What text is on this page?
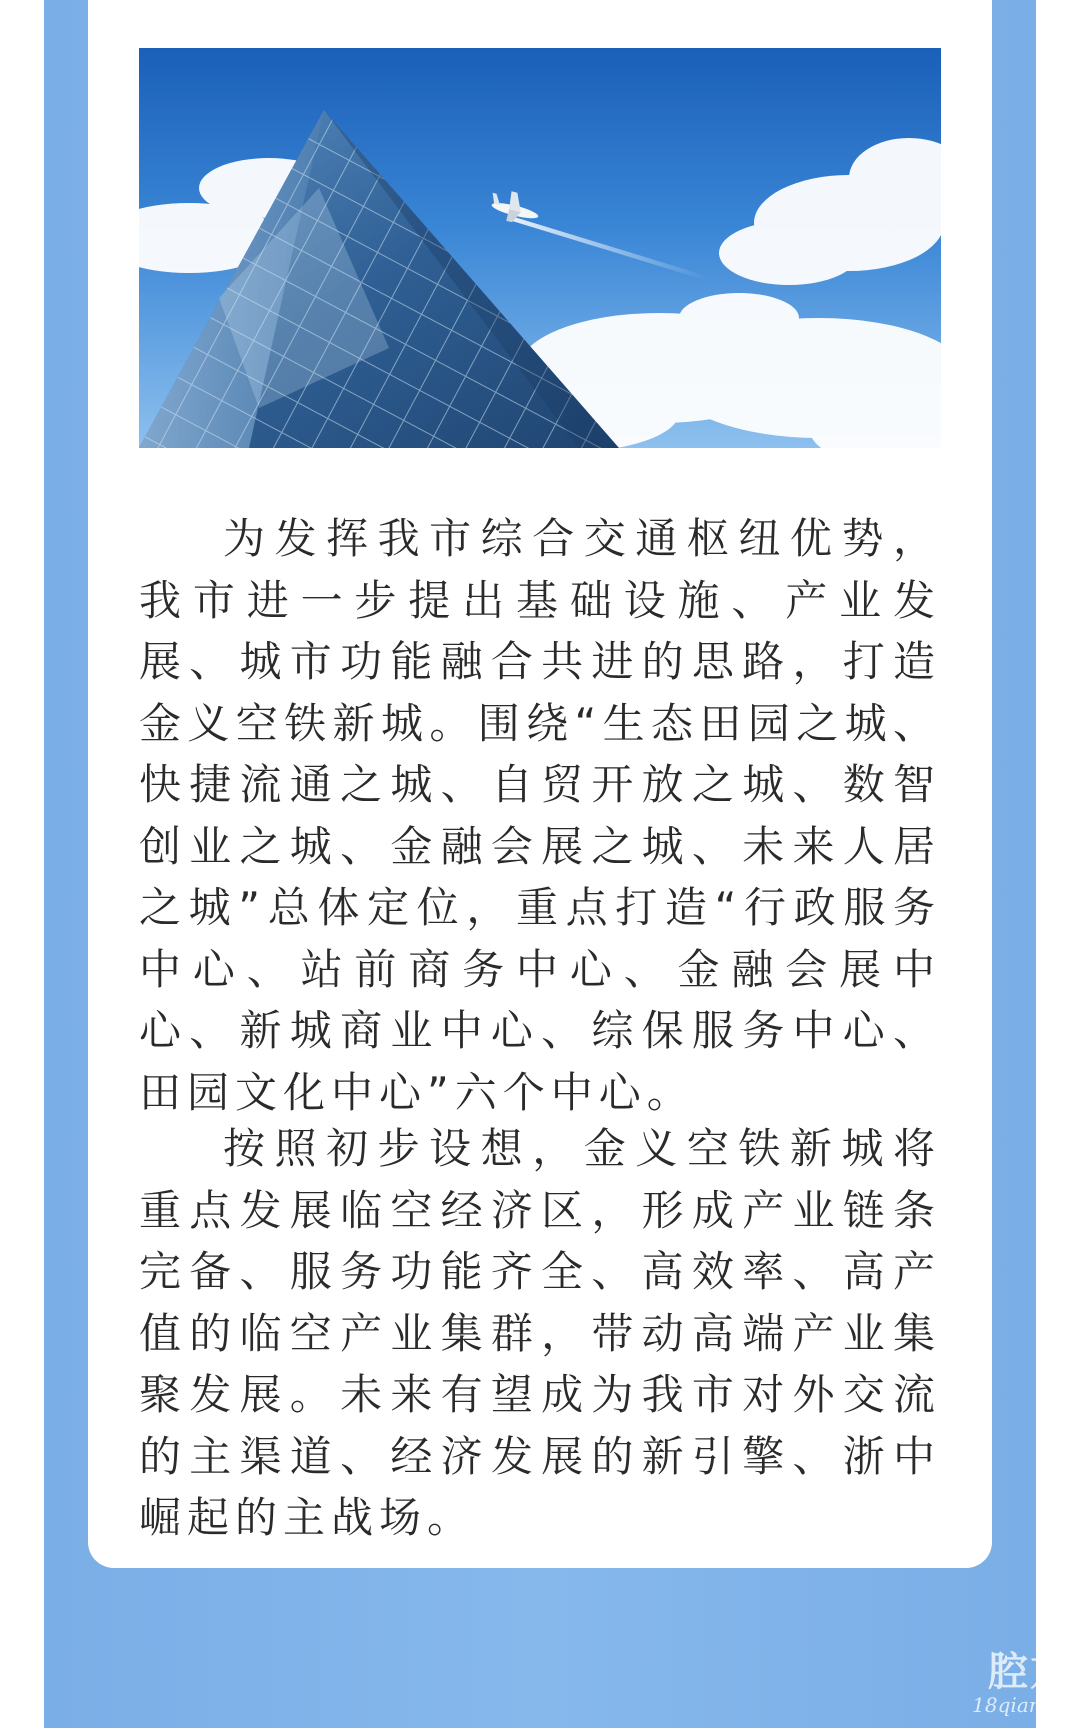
为发挥我市综合交通枢纽优势，我市进一步提出基础设施、产业发展、城市功能融合共进的思路，打造金义空铁新城。围绕“生态田园之城、快捷流通之城、自贸开放之城、数智创业之城、金融会展之城、未来人居之城”总体定位，重点打造“行政服务中心、站前商务中心、金融会展中心、新城商业中心、综保服务中心、田园文化中心”六个中心。

按照初步设想，金义空铁新城将重点发展临空经济区，形成产业链条完备、服务功能齐全、高效率、高产值的临空产业集群，带动高端产业集聚发展。未来有望成为我市对外交流的主渠道、经济发展的新引擎、浙中崛起的主战场。

腔友
18qiang.c
